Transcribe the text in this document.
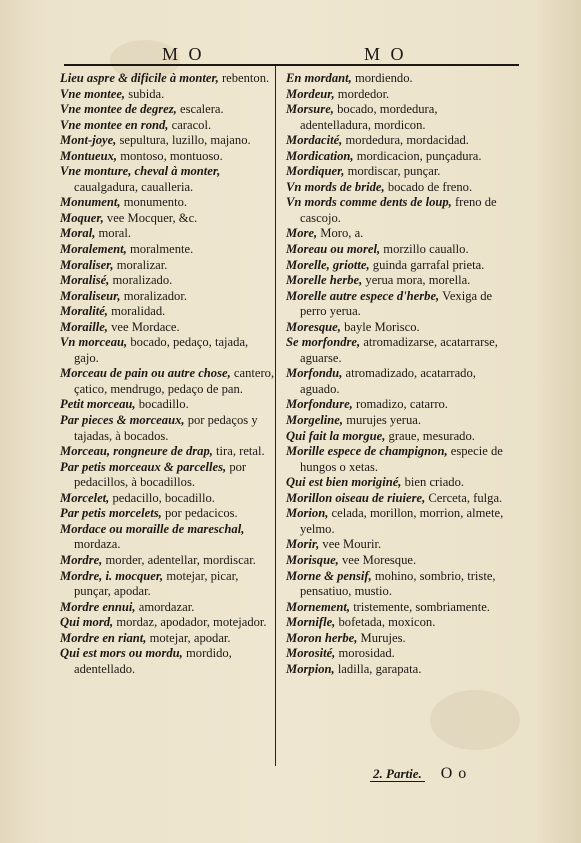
M O	M O

Lieu aspre & dificile à monter, rebenton.

Vne montee, subida.

Vne montee de degrez, escalera.

Vne montee en rond, caracol.

Mont-joye, sepultura, luzillo, majano.

Montueux, montoso, montuoso.

Vne monture, cheval à monter, caualgadura, caualleria.

Monument, monumento.

Moquer, vee Mocquer, &c.

Moral, moral.

Moralement, moralmente.

Moraliser, moralizar.

Moralisé, moralizado.

Moraliseur, moralizador.

Moralité, moralidad.

Moraille, vee Mordace.

Vn morceau, bocado, pedaço, tajada, gajo.

Morceau de pain ou autre chose, cantero, çatico, mendrugo, pedaço de pan.

Petit morceau, bocadillo.

Par pieces & morceaux, por pedaços y tajadas, à bocados.

Morceau, rongneure de drap, tira, retal.

Par petis morceaux & parcelles, por pedacillos, à bocadillos.

Morcelet, pedacillo, bocadillo.

Par petis morcelets, por pedacicos.

Mordace ou moraille de mareschal, mordaza.

Mordre, morder, adentellar, mordiscar.

Mordre, i. mocquer, motejar, picar, punçar, apodar.

Mordre ennui, amordazar.

Qui mord, mordaz, apodador, motejador.

Mordre en riant, motejar, apodar.

Qui est mors ou mordu, mordido, adentellado.

En mordant, mordiendo.

Mordeur, mordedor.

Morsure, bocado, mordedura, adentelladura, mordicon.

Mordacité, mordedura, mordacidad.

Mordication, mordicacion, punçadura.

Mordiquer, mordiscar, punçar.

Vn mords de bride, bocado de freno.

Vn mords comme dents de loup, freno de cascojo.

More, Moro, a.

Moreau ou morel, morzillo cauallo.

Morelle, griotte, guinda garrafal prieta.

Morelle herbe, yerua mora, morella.

Morelle autre espece d'herbe, Vexiga de perro yerua.

Moresque, bayle Morisco.

Se morfondre, atromadizarse, acatarrarse, aguarse.

Morfondu, atromadizado, acatarrado, aguado.

Morfondure, romadizo, catarro.

Morgeline, murujes yerua.

Qui fait la morgue, graue, mesurado.

Morille espece de champignon, especie de hungos o xetas.

Qui est bien moriginé, bien criado.

Morillon oiseau de riuiere, Cerceta, fulga.

Morion, celada, morillon, morrion, almete, yelmo.

Morir, vee Mourir.

Morisque, vee Moresque.

Morne & pensif, mohino, sombrio, triste, pensatiuo, mustio.

Mornement, tristemente, sombriamente.

Mornifle, bofetada, moxicon.

Moron herbe, Murujes.

Morosité, morosidad.

Morpion, ladilla, garapata.

2. Partie. O o
